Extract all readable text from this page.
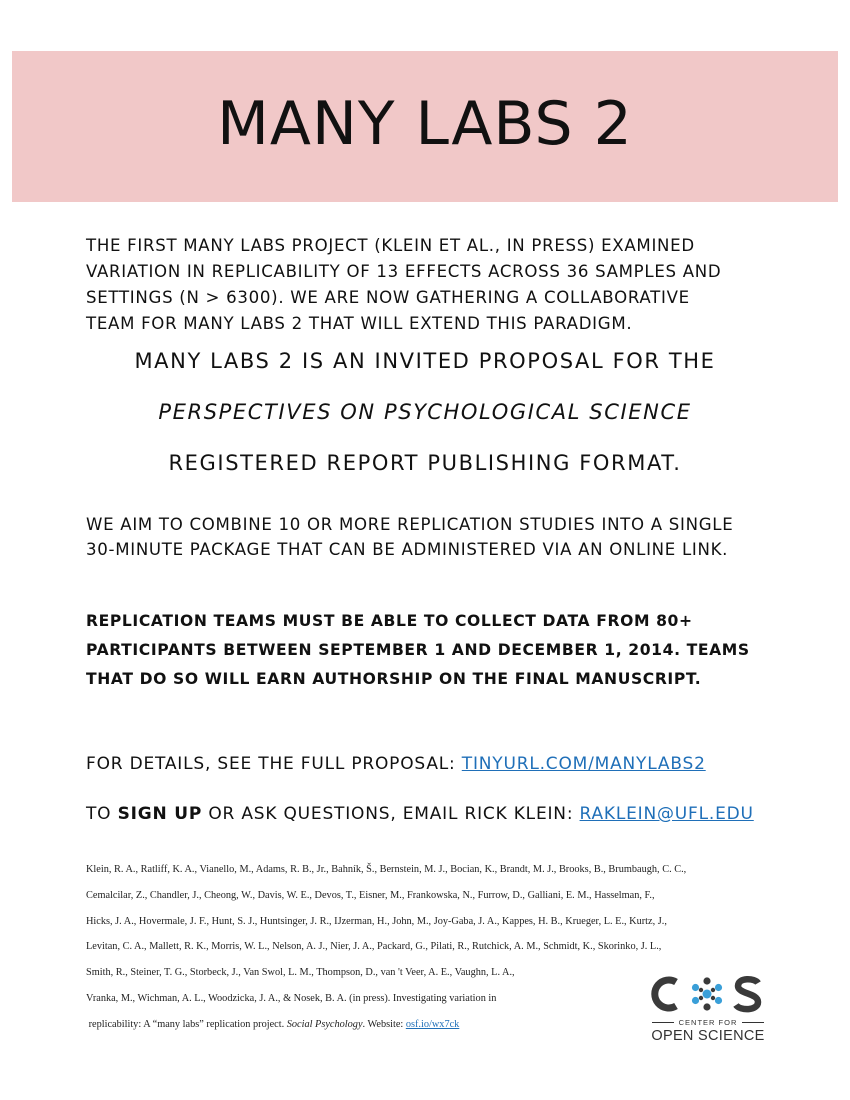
MANY LABS 2
THE FIRST MANY LABS PROJECT (KLEIN ET AL., IN PRESS) EXAMINED
VARIATION IN REPLICABILITY OF 13 EFFECTS ACROSS 36 SAMPLES AND
SETTINGS (N > 6300). WE ARE NOW GATHERING A COLLABORATIVE
TEAM FOR MANY LABS 2 THAT WILL EXTEND THIS PARADIGM.
MANY LABS 2 IS AN INVITED PROPOSAL FOR THE
PERSPECTIVES ON PSYCHOLOGICAL SCIENCE
REGISTERED REPORT PUBLISHING FORMAT.
WE AIM TO COMBINE 10 OR MORE REPLICATION STUDIES INTO A SINGLE
30-MINUTE PACKAGE THAT CAN BE ADMINISTERED VIA AN ONLINE LINK.
REPLICATION TEAMS MUST BE ABLE TO COLLECT DATA FROM 80+
PARTICIPANTS BETWEEN SEPTEMBER 1 AND DECEMBER 1, 2014. TEAMS
THAT DO SO WILL EARN AUTHORSHIP ON THE FINAL MANUSCRIPT.
FOR DETAILS, SEE THE FULL PROPOSAL: TINYURL.COM/MANYLABS2
TO SIGN UP OR ASK QUESTIONS, EMAIL RICK KLEIN: RAKLEIN@UFL.EDU
Klein, R. A., Ratliff, K. A., Vianello, M., Adams, R. B., Jr., Bahník, Š., Bernstein, M. J., Bocian, K., Brandt, M. J., Brooks, B., Brumbaugh, C. C.,
Cemalcilar, Z., Chandler, J., Cheong, W., Davis, W. E., Devos, T., Eisner, M., Frankowska, N., Furrow, D., Galliani, E. M., Hasselman, F.,
Hicks, J. A., Hovermale, J. F., Hunt, S. J., Huntsinger, J. R., IJzerman, H., John, M., Joy-Gaba, J. A., Kappes, H. B., Krueger, L. E., Kurtz, J.,
Levitan, C. A., Mallett, R. K., Morris, W. L., Nelson, A. J., Nier, J. A., Packard, G., Pilati, R., Rutchick, A. M., Schmidt, K., Skorinko, J. L.,
Smith, R., Steiner, T. G., Storbeck, J., Van Swol, L. M., Thompson, D., van 't Veer, A. E., Vaughn, L. A.,
Vranka, M., Wichman, A. L., Woodzicka, J. A., & Nosek, B. A. (in press). Investigating variation in
replicability: A “many labs” replication project. Social Psychology. Website: osf.io/wx7ck	CENTER FOR
OPEN SCIENCE
